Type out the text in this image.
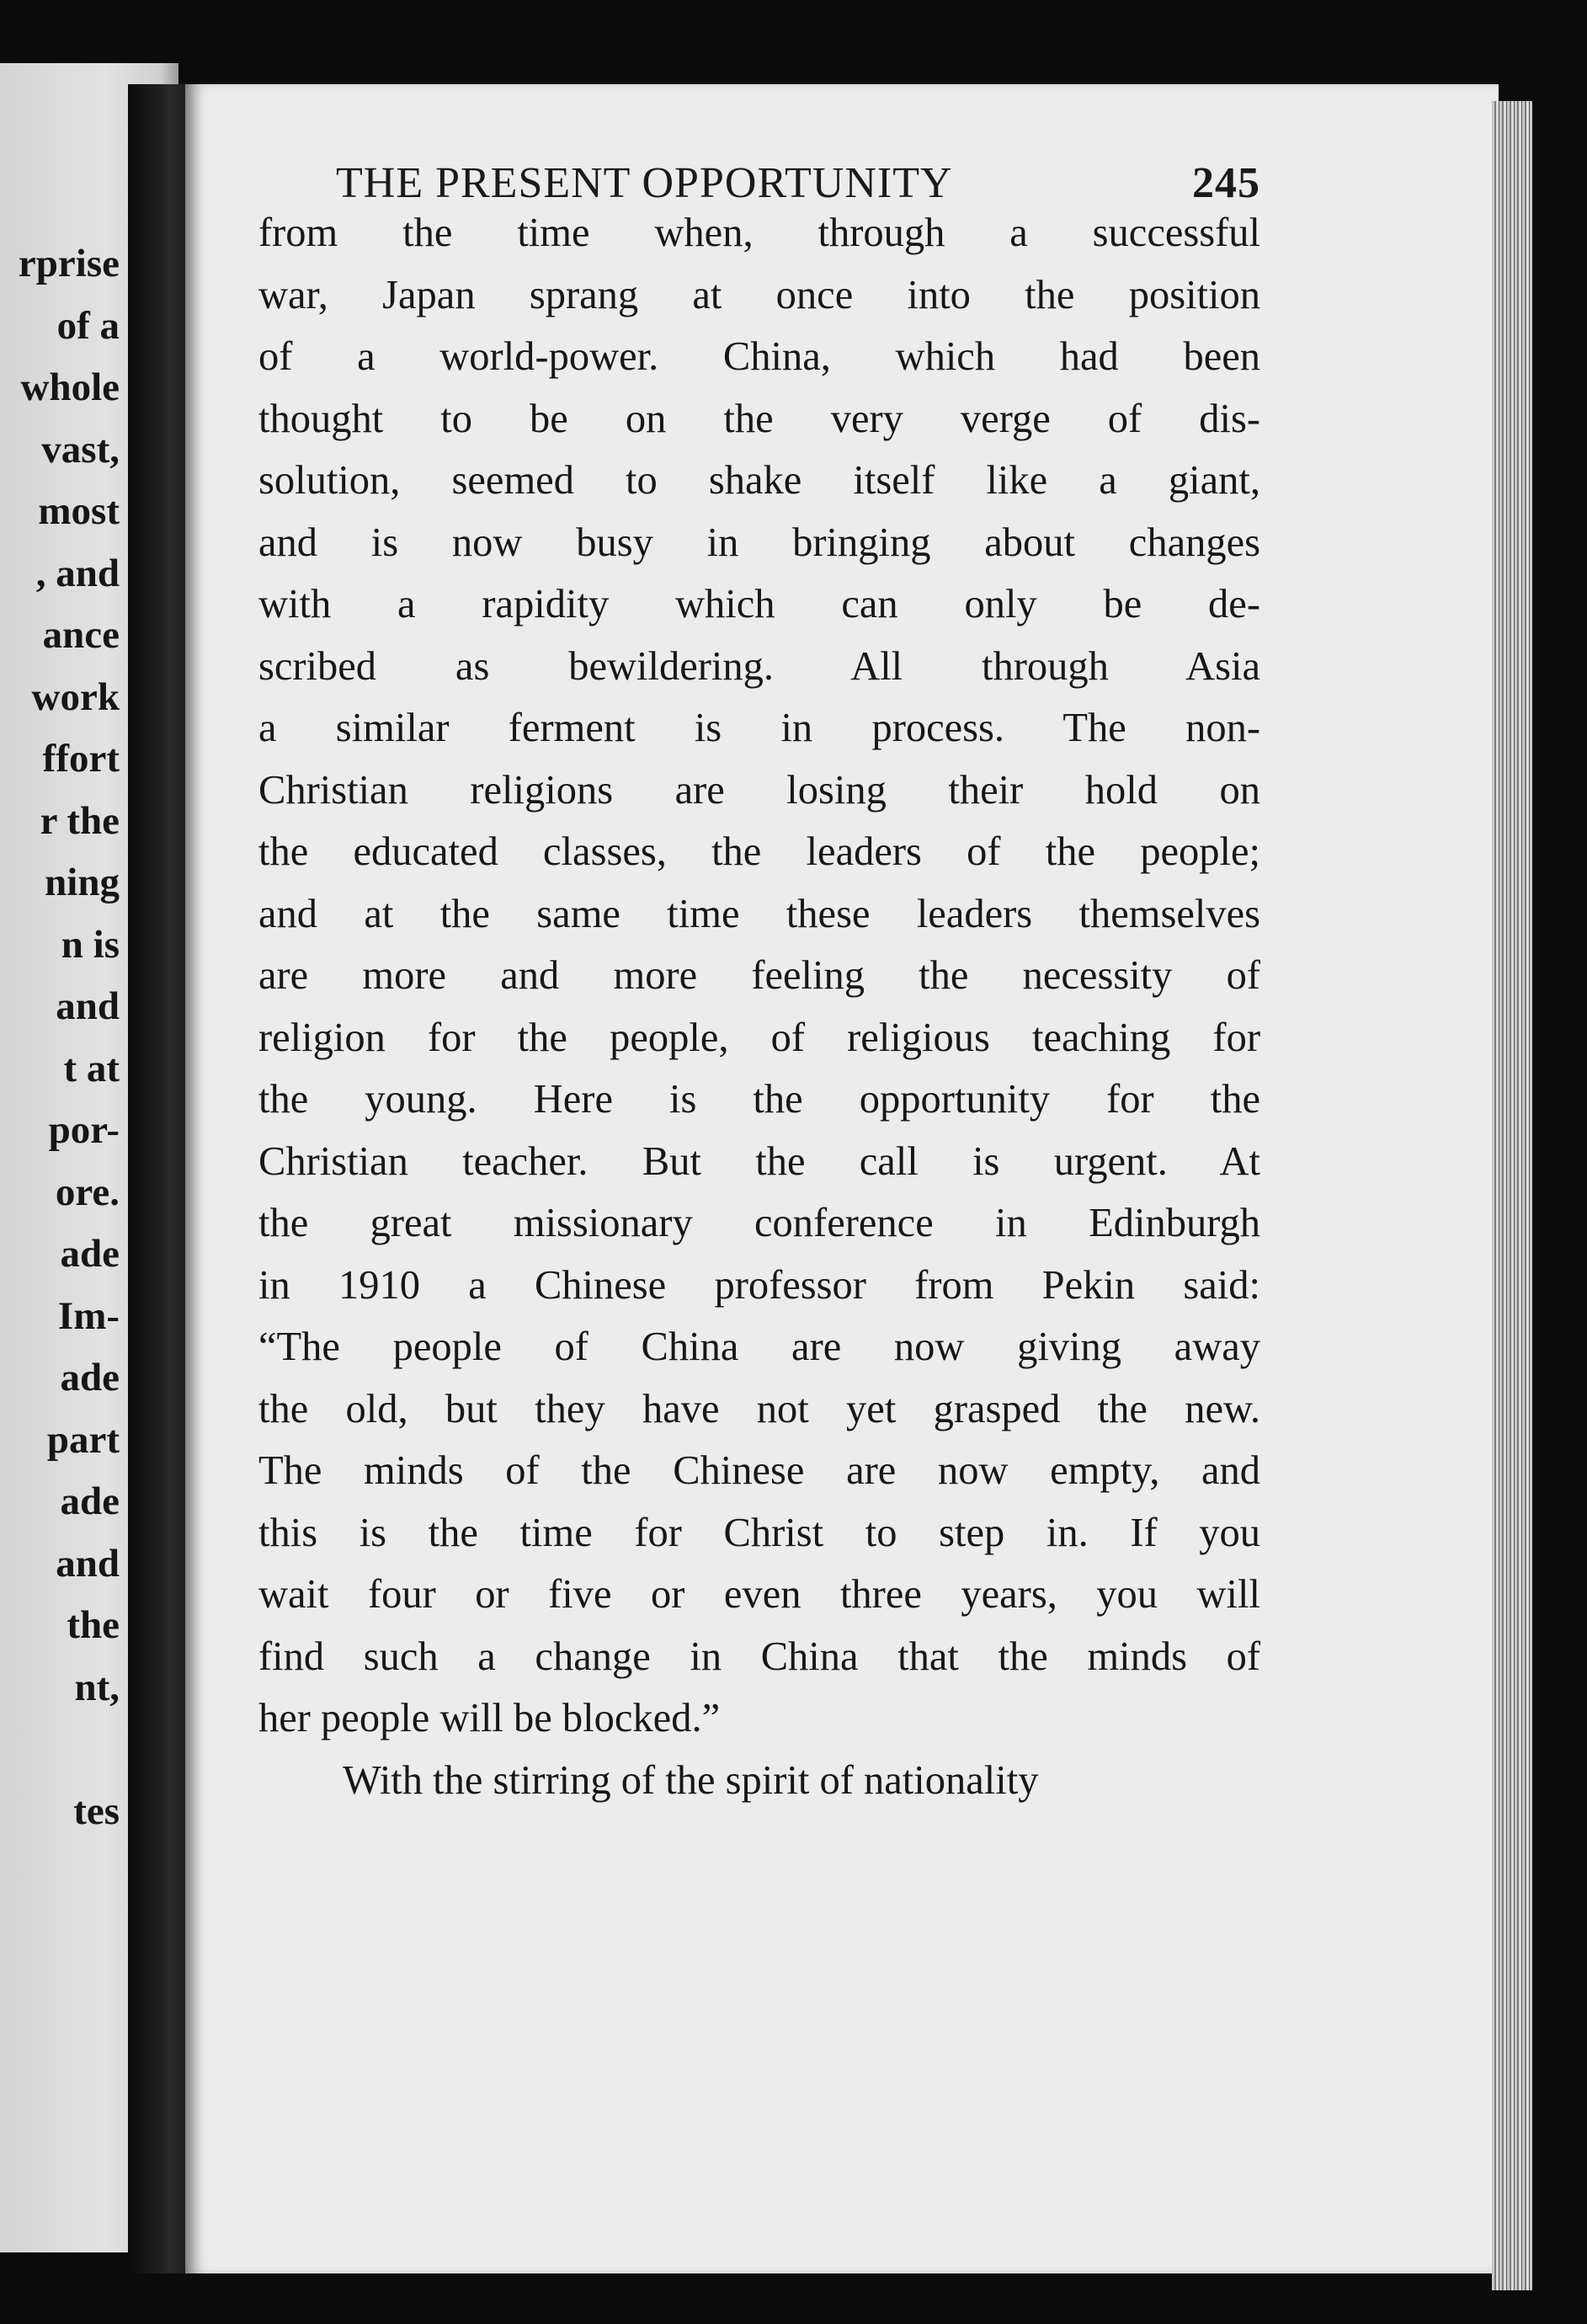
rprise
of a
whole
vast,
most
, and
ance
work
ffort
r the
ning
n is
and
t at
por-
ore.
ade
Im-
ade
part
ade
and
the
nt,
tes
THE PRESENT OPPORTUNITY	245
from the time when, through a successful
war, Japan sprang at once into the position
of a world-power. China, which had been
thought to be on the very verge of dis-
solution, seemed to shake itself like a giant,
and is now busy in bringing about changes
with a rapidity which can only be de-
scribed as bewildering. All through Asia
a similar ferment is in process. The non-
Christian religions are losing their hold on
the educated classes, the leaders of the people;
and at the same time these leaders themselves
are more and more feeling the necessity of
religion for the people, of religious teaching for
the young. Here is the opportunity for the
Christian teacher. But the call is urgent. At
the great missionary conference in Edinburgh
in 1910 a Chinese professor from Pekin said:
“The people of China are now giving away
the old, but they have not yet grasped the new.
The minds of the Chinese are now empty, and
this is the time for Christ to step in. If you
wait four or five or even three years, you will
find such a change in China that the minds of
her people will be blocked.”
With the stirring of the spirit of nationality
